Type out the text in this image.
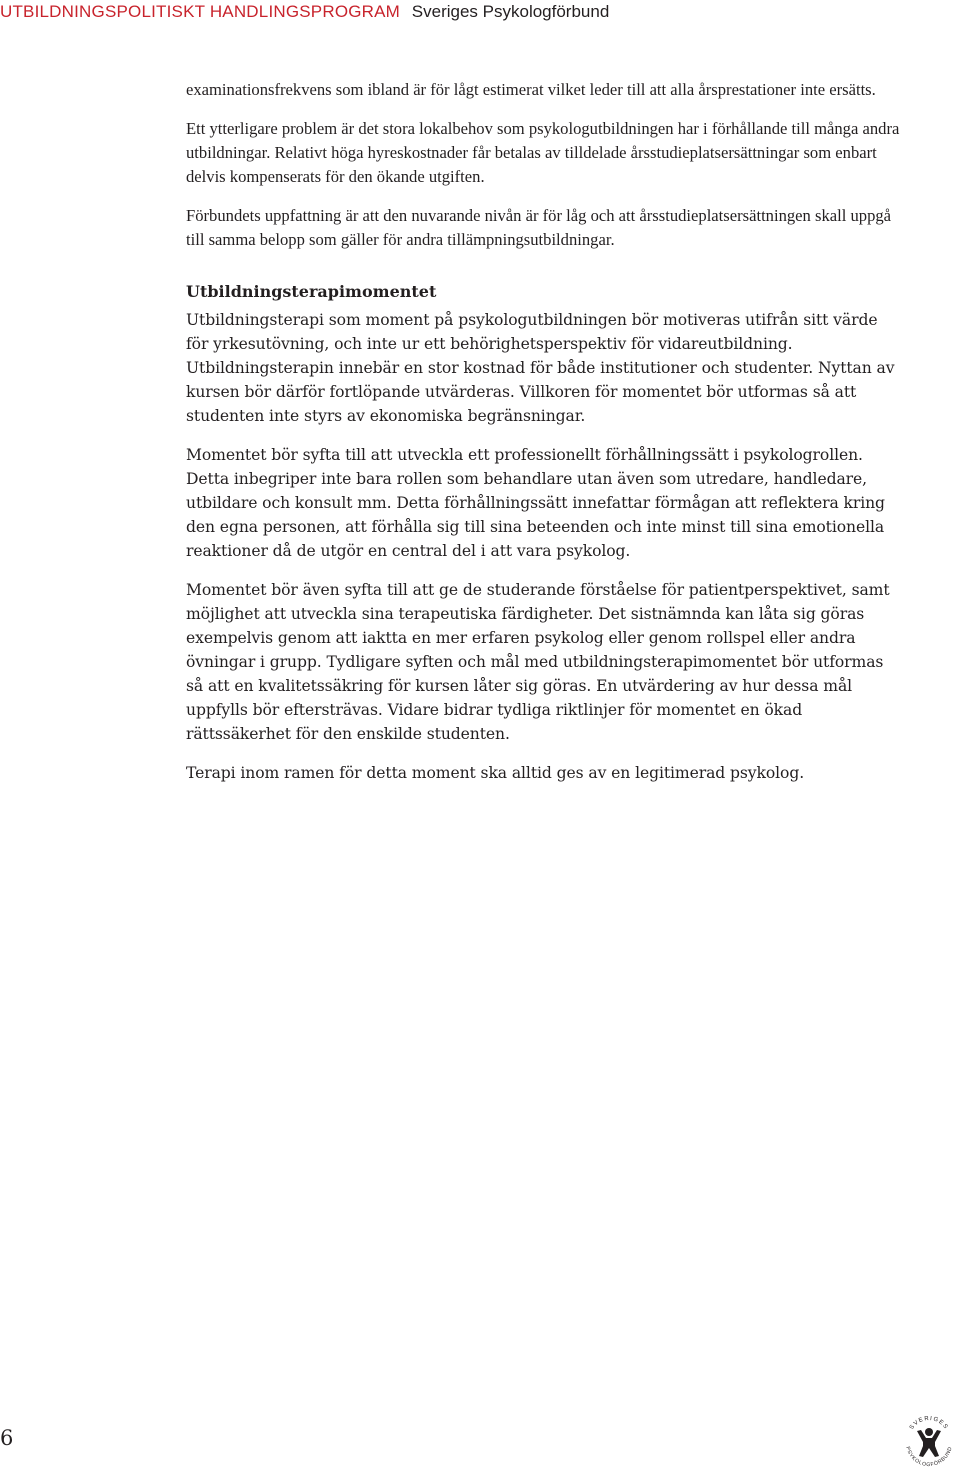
UTBILDNINGSPOLITISKT HANDLINGSPROGRAM Sveriges Psykologförbund

examinationsfrekvens som ibland är för lågt estimerat vilket leder till att alla årsprestationer inte ersätts.

Ett ytterligare problem är det stora lokalbehov som psykologutbildningen har i förhållande till många andra utbildningar. Relativt höga hyreskostnader får betalas av tilldelade årsstudieplatsersättningar som enbart delvis kompenserats för den ökande utgiften.

Förbundets uppfattning är att den nuvarande nivån är för låg och att årsstudieplatsersättningen skall uppgå till samma belopp som gäller för andra tillämpningsutbildningar.

Utbildningsterapimomentet

Utbildningsterapi som moment på psykologutbildningen bör motiveras utifrån sitt värde för yrkesutövning, och inte ur ett behörighetsperspektiv för vidareutbildning. Utbildningsterapin innebär en stor kostnad för både institutioner och studenter. Nyttan av kursen bör därför fortlöpande utvärderas. Villkoren för momentet bör utformas så att studenten inte styrs av ekonomiska begränsningar.

Momentet bör syfta till att utveckla ett professionellt förhållningssätt i psykologrollen. Detta inbegriper inte bara rollen som behandlare utan även som utredare, handledare, utbildare och konsult mm. Detta förhållningssätt innefattar förmågan att reflektera kring den egna personen, att förhålla sig till sina beteenden och inte minst till sina emotionella reaktioner då de utgör en central del i att vara psykolog.

Momentet bör även syfta till att ge de studerande förståelse för patientperspektivet, samt möjlighet att utveckla sina terapeutiska färdigheter. Det sistnämnda kan låta sig göras exempelvis genom att iaktta en mer erfaren psykolog eller genom rollspel eller andra övningar i grupp. Tydligare syften och mål med utbildningsterapimomentet bör utformas så att en kvalitetssäkring för kursen låter sig göras. En utvärdering av hur dessa mål uppfylls bör eftersträvas. Vidare bidrar tydliga riktlinjer för momentet en ökad rättssäkerhet för den enskilde studenten.

Terapi inom ramen för detta moment ska alltid ges av en legitimerad psykolog.

6	SVERIGES
PSYKOLOGFÖRBUND
